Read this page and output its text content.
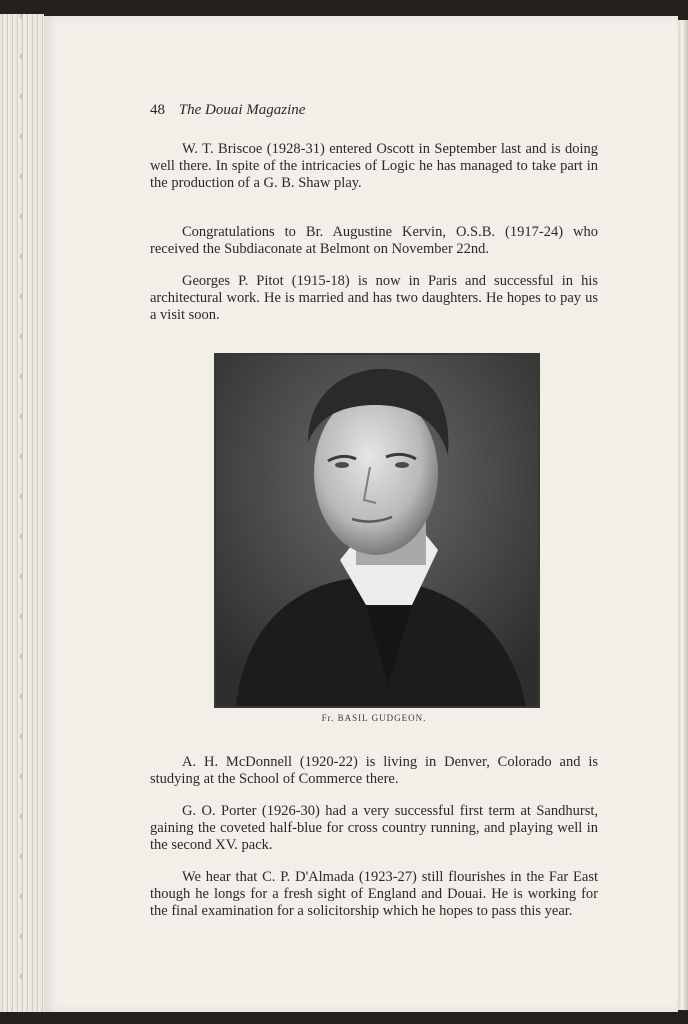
48 The Douai Magazine

W. T. Briscoe (1928-31) entered Oscott in September last and is doing well there. In spite of the intricacies of Logic he has managed to take part in the production of a G. B. Shaw play.

Congratulations to Br. Augustine Kervin, O.S.B. (1917-24) who received the Subdiaconate at Belmont on November 22nd.

Georges P. Pitot (1915-18) is now in Paris and successful in his architectural work. He is married and has two daughters. He hopes to pay us a visit soon.

Fr. BASIL GUDGEON.

A. H. McDonnell (1920-22) is living in Denver, Colorado and is studying at the School of Commerce there.

G. O. Porter (1926-30) had a very successful first term at Sandhurst, gaining the coveted half-blue for cross country running, and playing well in the second XV. pack.

We hear that C. P. D'Almada (1923-27) still flourishes in the Far East though he longs for a fresh sight of England and Douai. He is working for the final examination for a solicitorship which he hopes to pass this year.
